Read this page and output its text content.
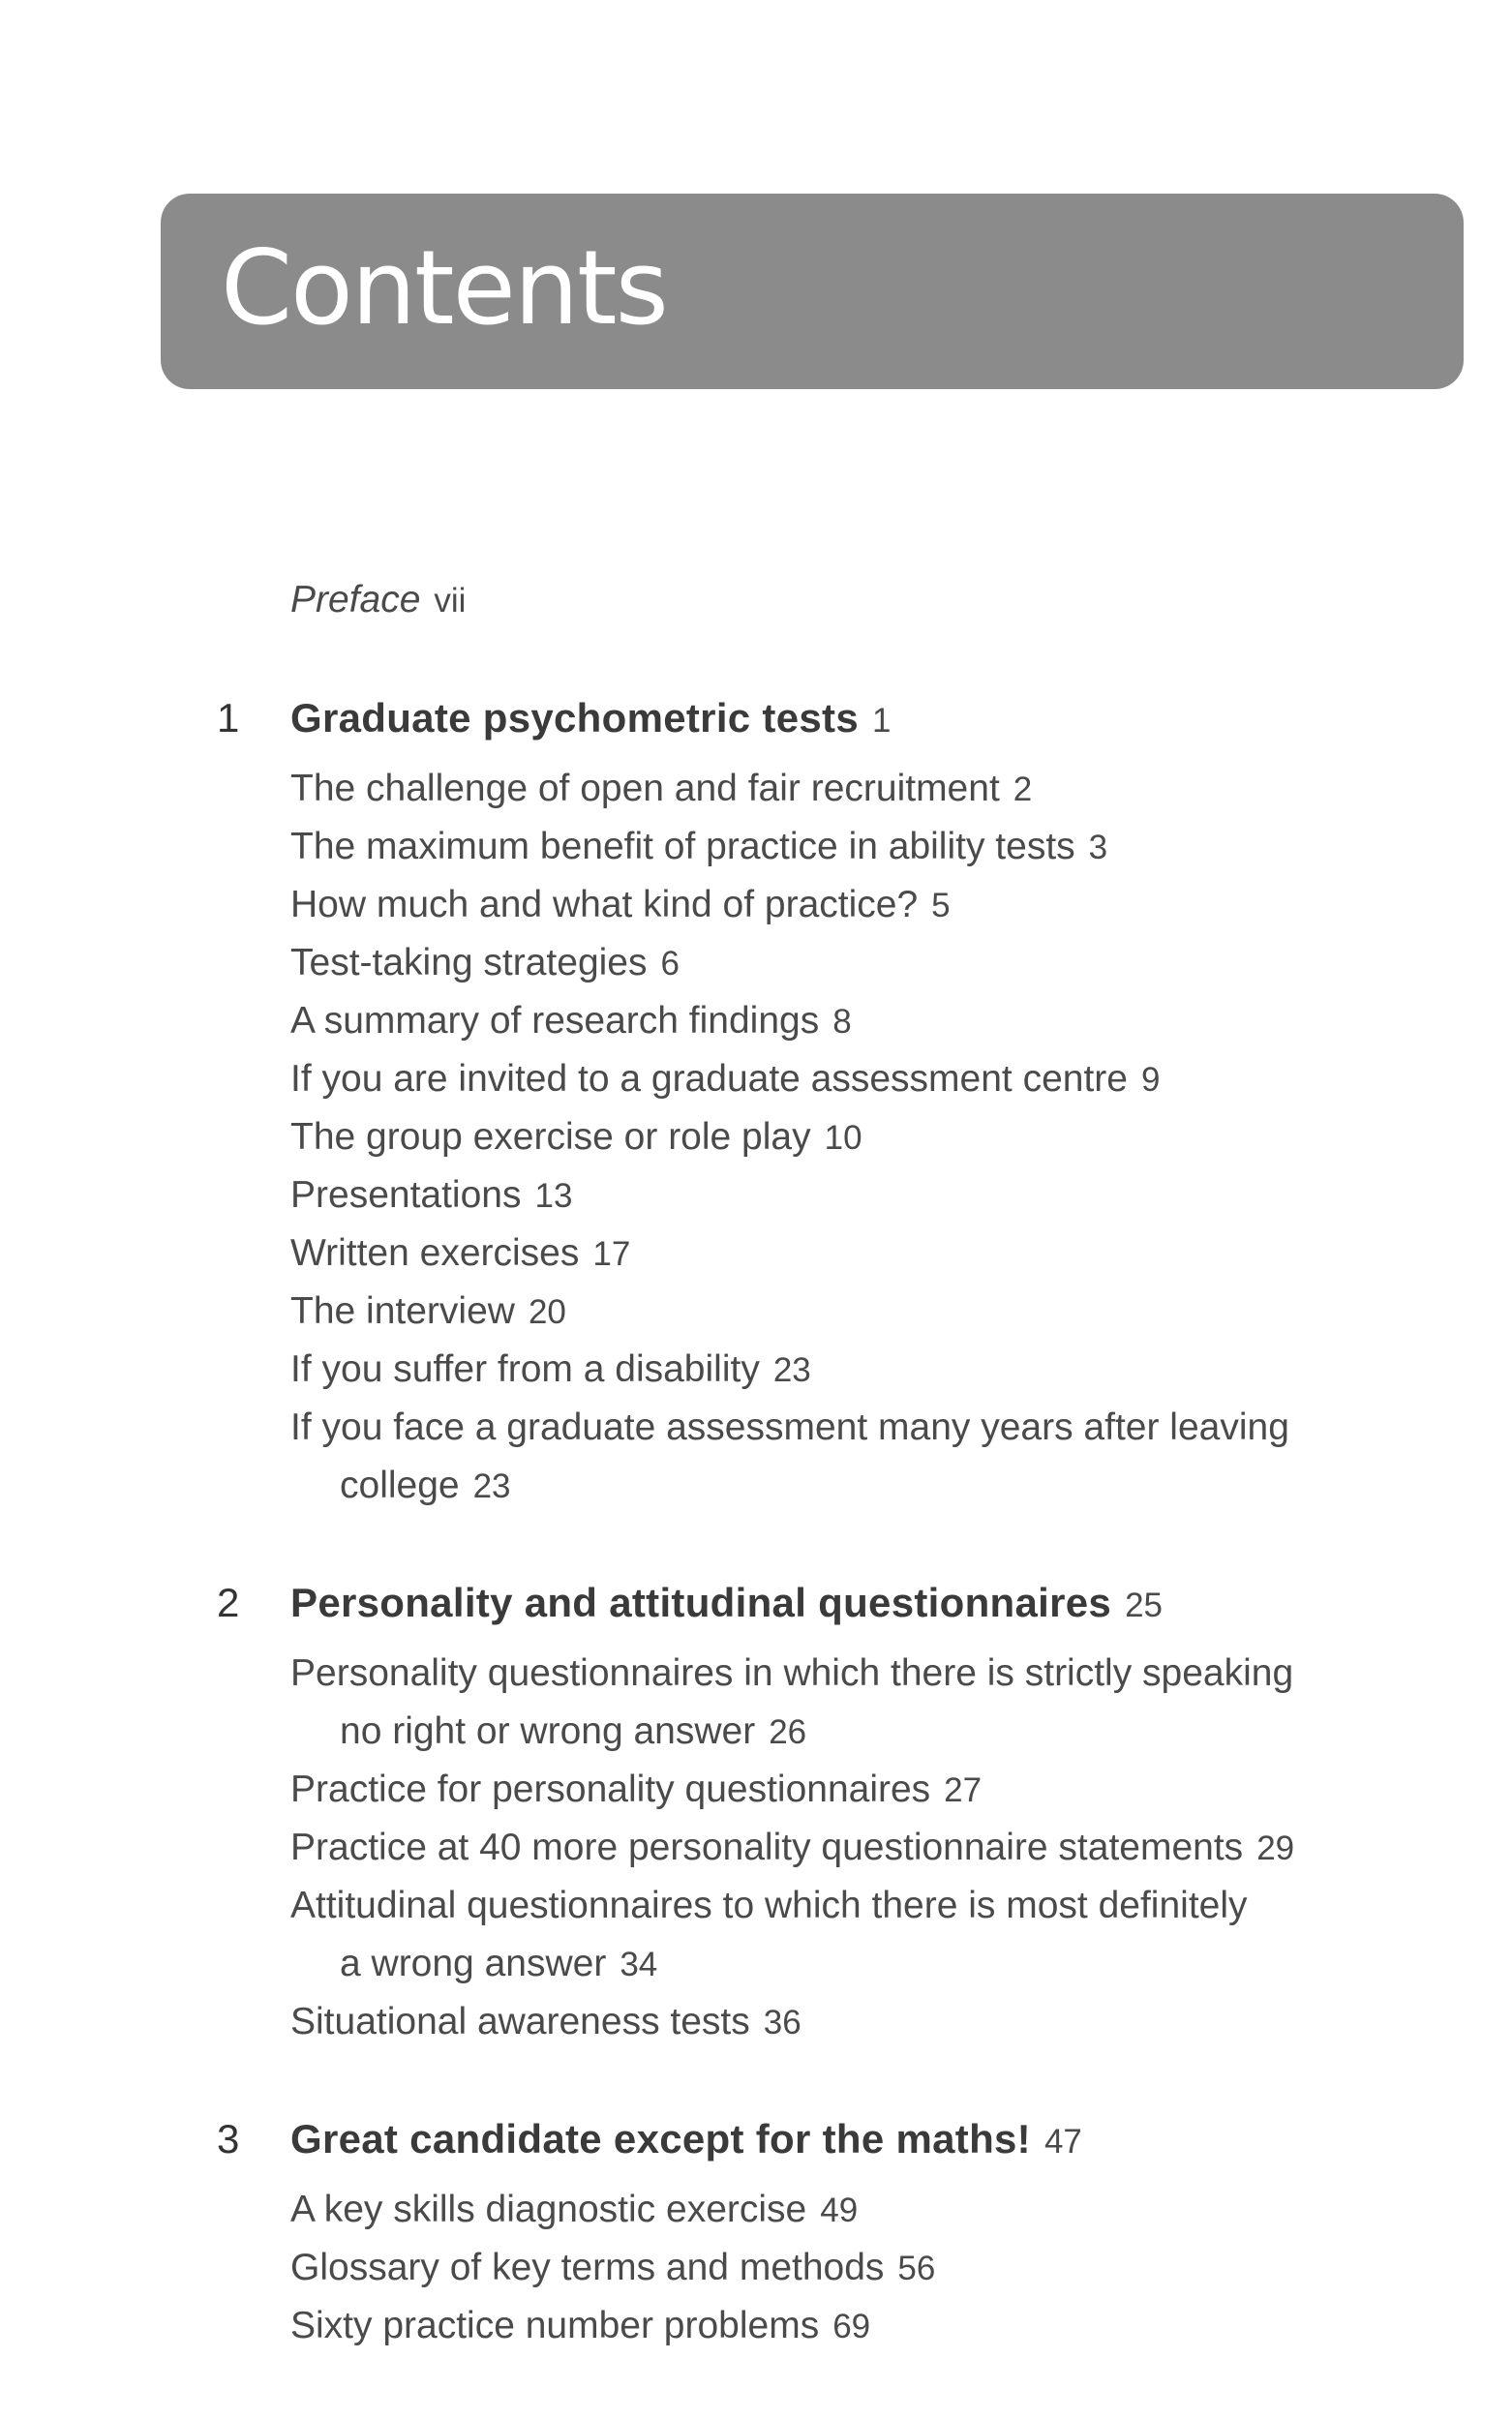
Contents
Preface vii
1 Graduate psychometric tests 1
The challenge of open and fair recruitment 2
The maximum benefit of practice in ability tests 3
How much and what kind of practice? 5
Test-taking strategies 6
A summary of research findings 8
If you are invited to a graduate assessment centre 9
The group exercise or role play 10
Presentations 13
Written exercises 17
The interview 20
If you suffer from a disability 23
If you face a graduate assessment many years after leaving
college 23
2 Personality and attitudinal questionnaires 25
Personality questionnaires in which there is strictly speaking
no right or wrong answer 26
Practice for personality questionnaires 27
Practice at 40 more personality questionnaire statements 29
Attitudinal questionnaires to which there is most definitely
a wrong answer 34
Situational awareness tests 36
3 Great candidate except for the maths! 47
A key skills diagnostic exercise 49
Glossary of key terms and methods 56
Sixty practice number problems 69
